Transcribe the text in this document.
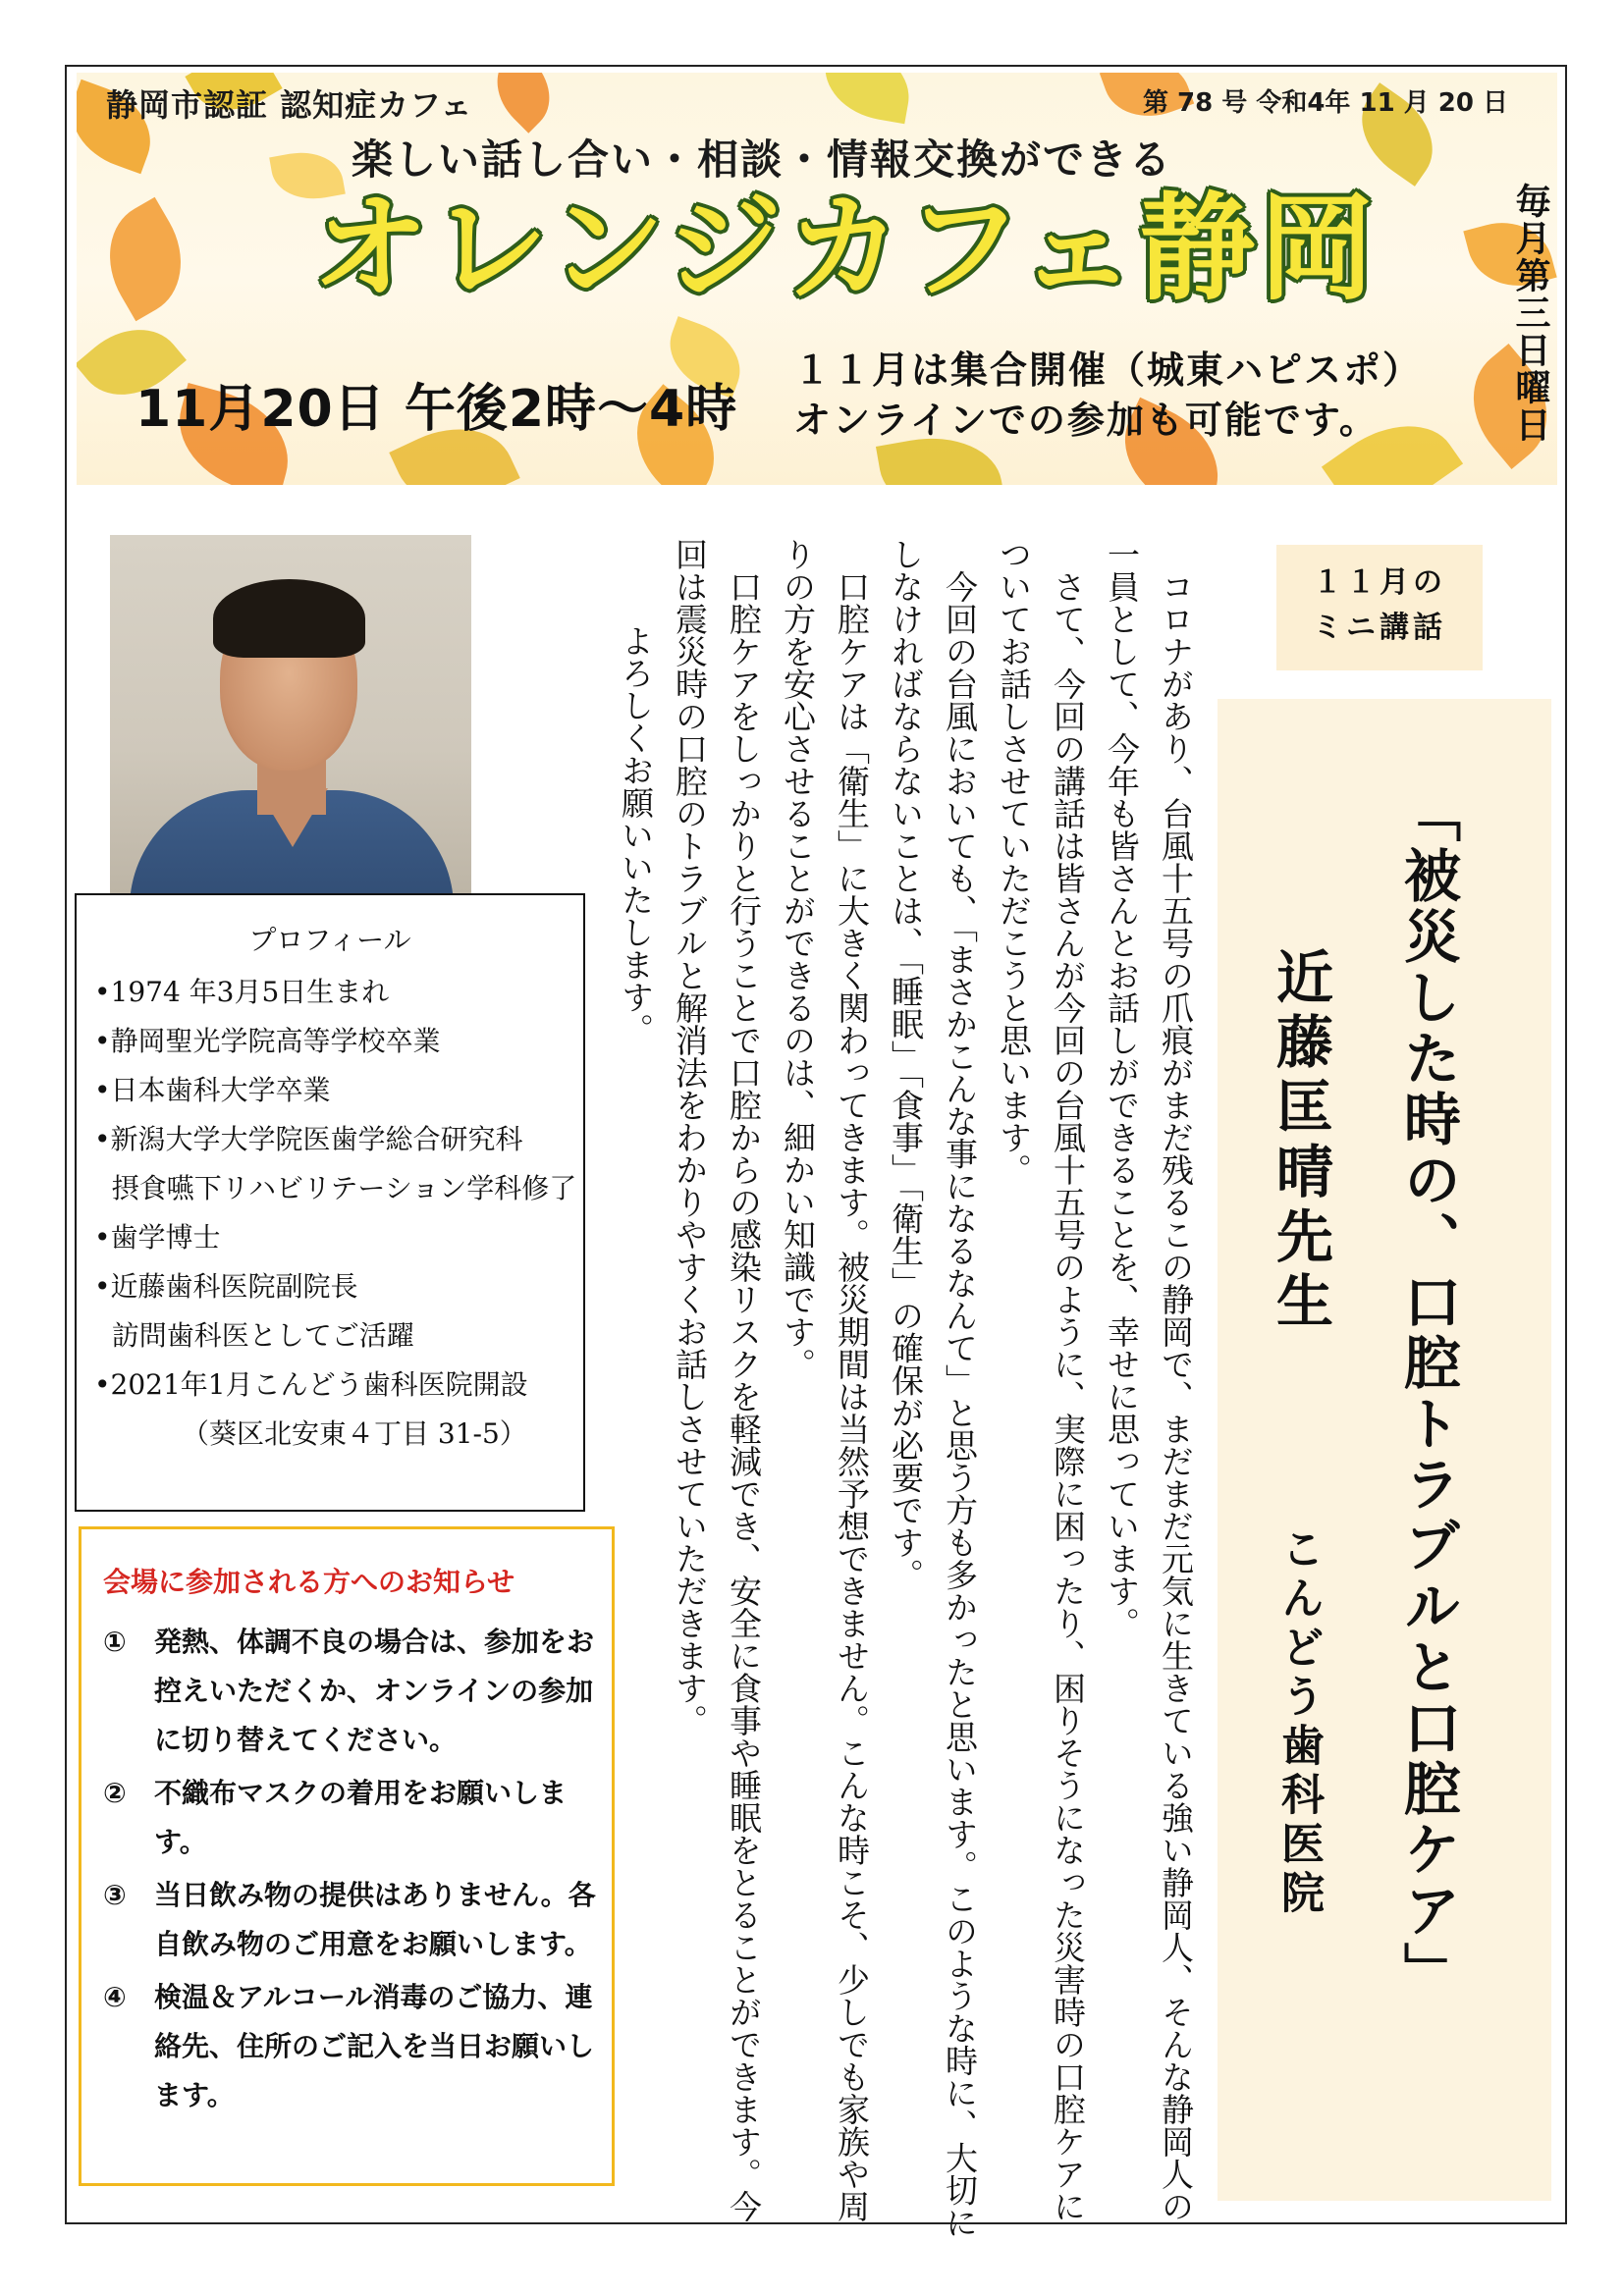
静岡市認証 認知症カフェ	第 78 号 令和4年 11 月 20 日
楽しい話し合い・相談・情報交換ができる
オレンジカフェ静岡
11月20日 午後2時～4時
１１月は集合開催（城東ハピスポ）
オンラインでの参加も可能です。	毎月第三日曜日
プロフィール
•1974 年3月5日生まれ
•静岡聖光学院高等学校卒業
•日本歯科大学卒業
•新潟大学大学院医歯学総合研究科
摂食嚥下リハビリテーション学科修了
•歯学博士
•近藤歯科医院副院長
訪問歯科医としてご活躍
•2021年1月こんどう歯科医院開設
（葵区北安東４丁目 31-5）
会場に参加される方へのお知らせ
①	発熱、体調不良の場合は、参加をお控えいただくか、オンラインの参加に切り替えてください。
②	不織布マスクの着用をお願いします。
③	当日飲み物の提供はありません。各自飲み物のご用意をお願いします。
④	検温＆アルコール消毒のご協力、連絡先、住所のご記入を当日お願いします。	　コロナがあり、台風十五号の爪痕がまだ残るこの静岡で、まだまだ元気に生きている強い静岡人、そんな静岡人の一員として、今年も皆さんとお話しができることを、幸せに思っています。

　さて、今回の講話は皆さんが今回の台風十五号のように、実際に困ったり、困りそうになった災害時の口腔ケアについてお話しさせていただこうと思います。

　今回の台風においても、「まさかこんな事になるなんて」と思う方も多かったと思います。このような時に、大切にしなければならないことは、「睡眠」「食事」「衛生」の確保が必要です。

　口腔ケアは「衛生」に大きく関わってきます。被災期間は当然予想できません。こんな時こそ、少しでも家族や周りの方を安心させることができるのは、細かい知識です。

　口腔ケアをしっかりと行うことで口腔からの感染リスクを軽減でき、安全に食事や睡眠をとることができます。今回は震災時の口腔のトラブルと解消法をわかりやすくお話しさせていただきます。

　よろしくお願いいたします。

１１月の
ミニ講話
「被災した時の、口腔トラブルと口腔ケア」
近藤匡晴先生
こんどう歯科医院
